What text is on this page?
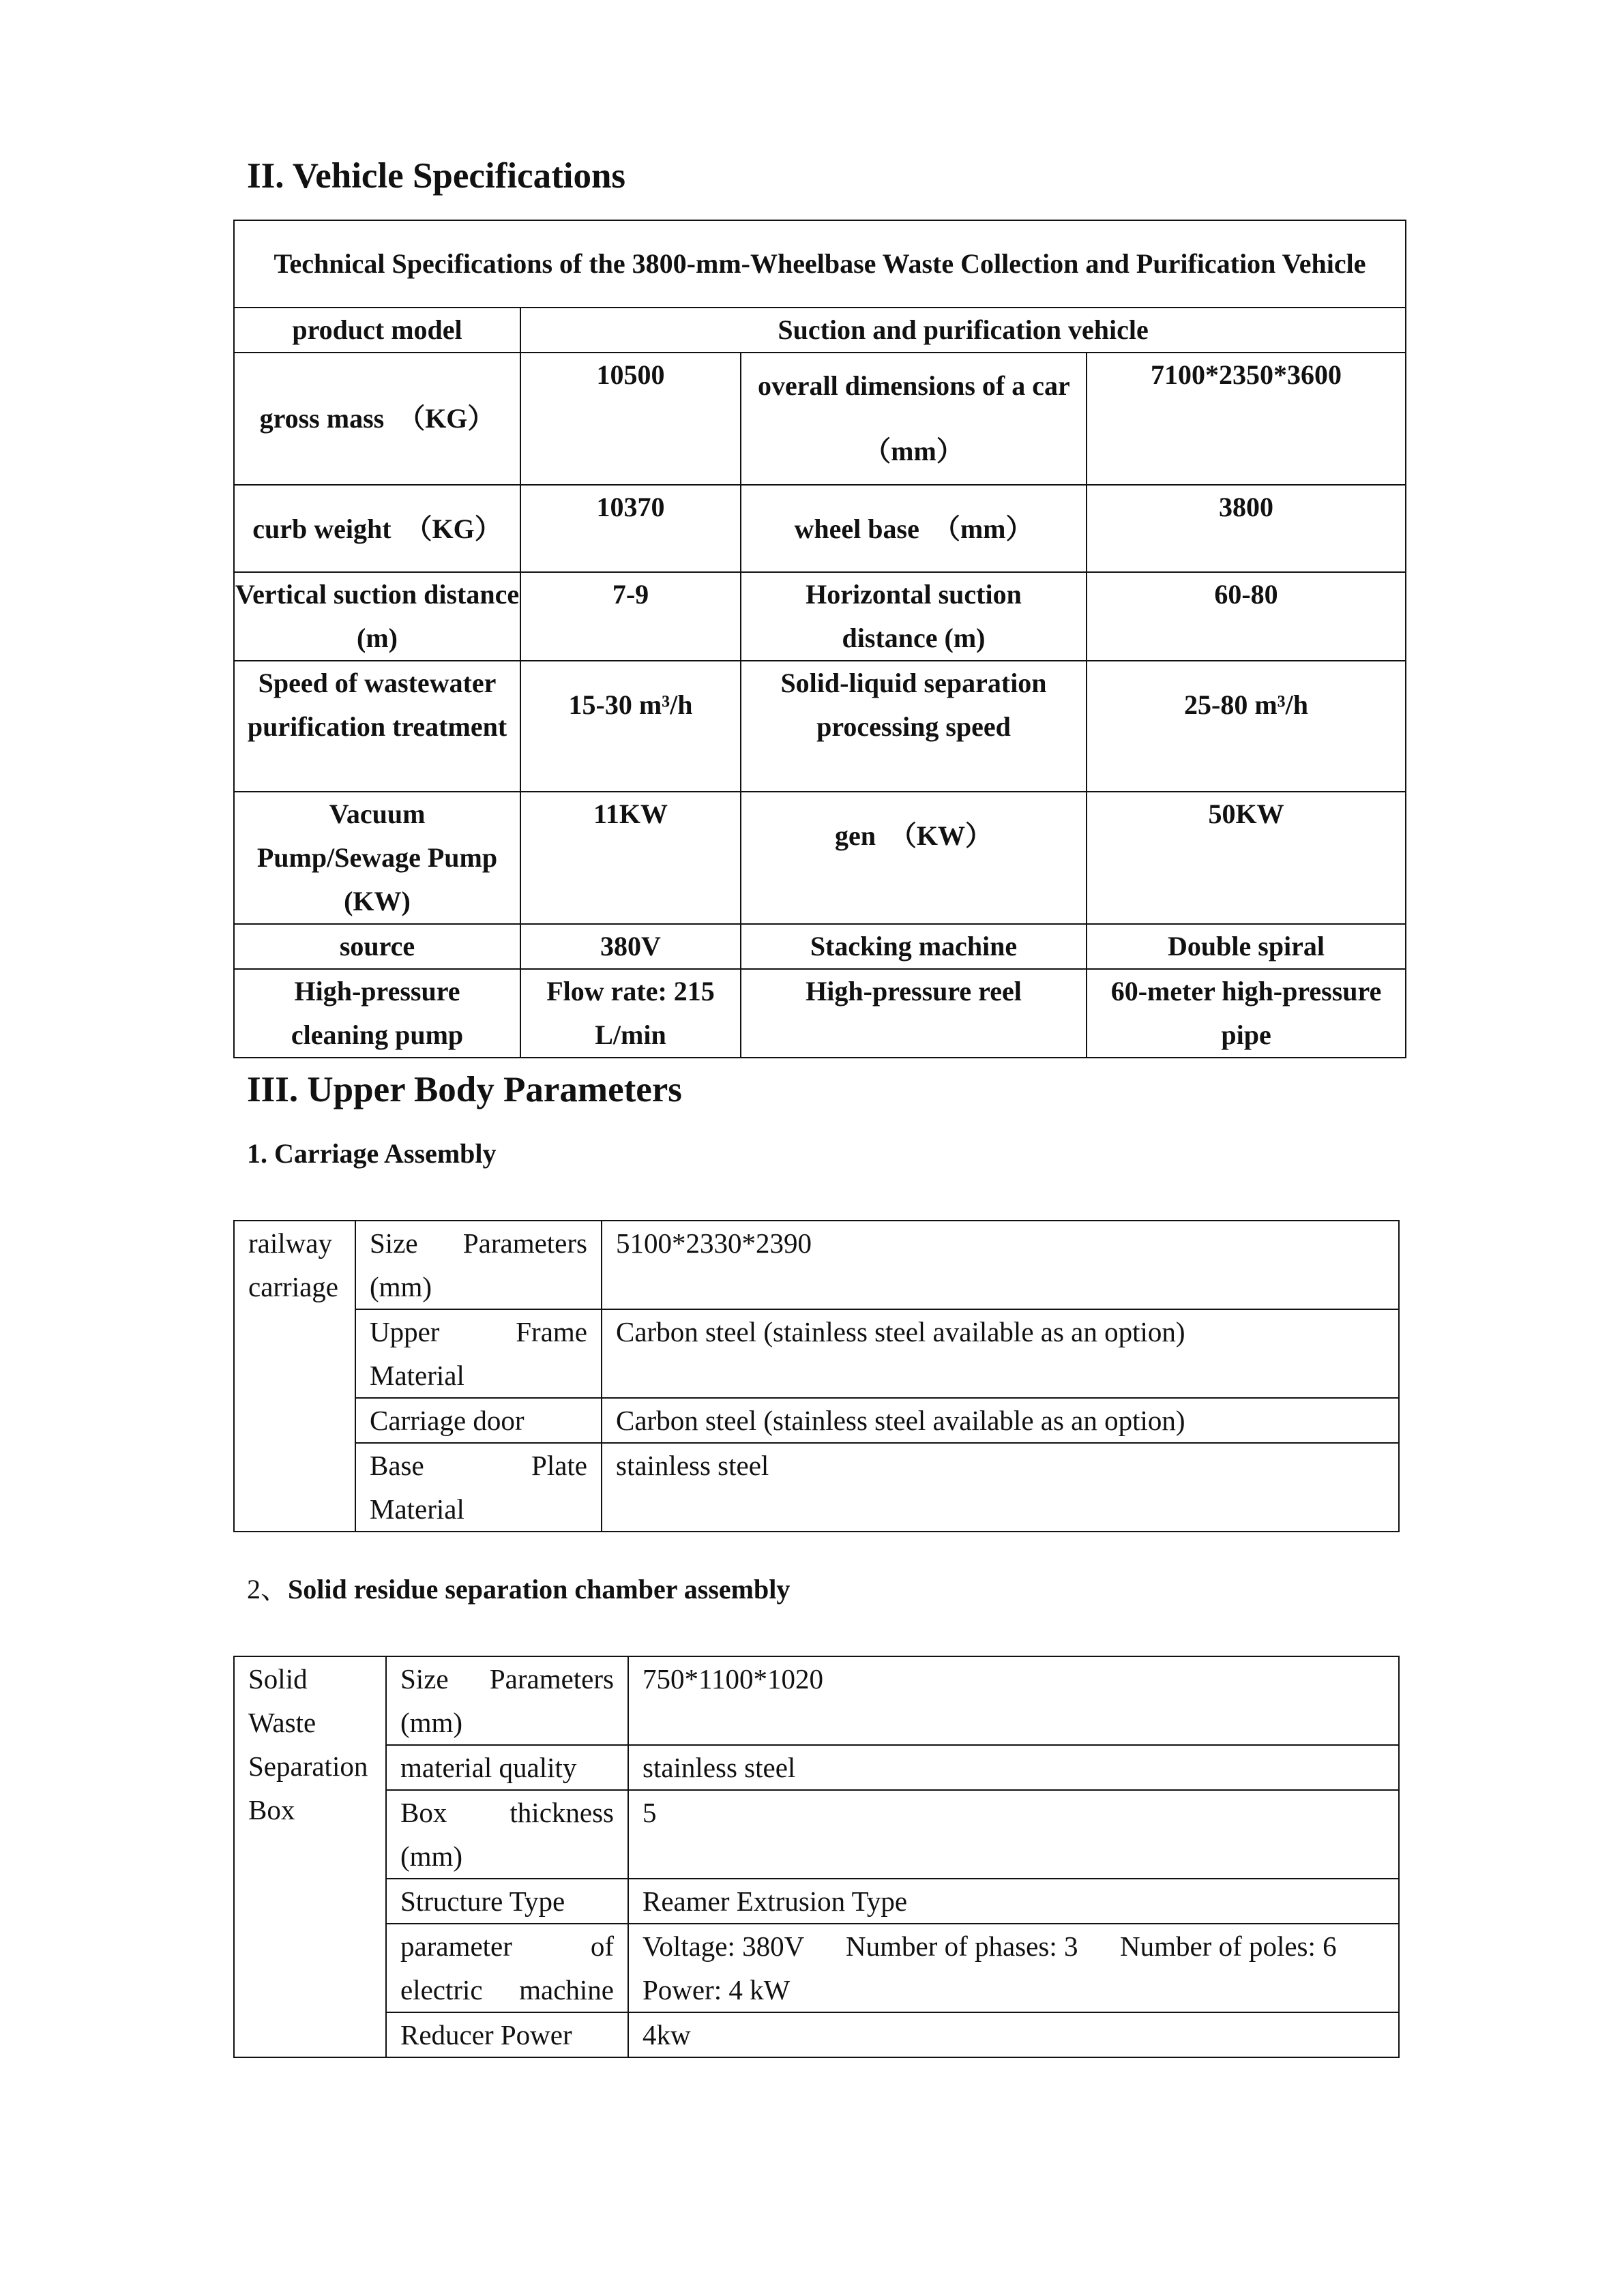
II. Vehicle Specifications
Technical Specifications of the 3800-mm-Wheelbase Waste Collection and Purification Vehicle			
product model	Suction and purification vehicle		
gross mass　（KG）	10500	overall dimensions of a car　（mm）	7100*2350*3600
curb weight　（KG）	10370	wheel base　（mm）	3800
Vertical suction distance (m)	7-9	Horizontal suction distance (m)	60-80
Speed of wastewater purification treatment	15-30 m³/h	Solid-liquid separation processing speed	25-80 m³/h
Vacuum Pump/Sewage Pump (KW)	11KW	gen　（KW）	50KW
source	380V	Stacking machine	Double spiral
High-pressure cleaning pump	Flow rate: 215 L/min	High-pressure reel	60-meter high-pressure pipe
III. Upper Body Parameters

1. Carriage Assembly

railway carriage	Size Parameters (mm)	5100*2330*2390
	Upper Frame Material	Carbon steel (stainless steel available as an option)
	Carriage door	Carbon steel (stainless steel available as an option)
	Base Plate Material	stainless steel

2、Solid residue separation chamber assembly

Solid Waste Separation Box	Size Parameters (mm)	750*1100*1020
	material quality	stainless steel
	Box thickness (mm)	5
	Structure Type	Reamer Extrusion Type
	parameter of electric machine	Voltage: 380V      Number of phases: 3      Number of poles: 6
Power: 4 kW
	Reducer Power	4kw
